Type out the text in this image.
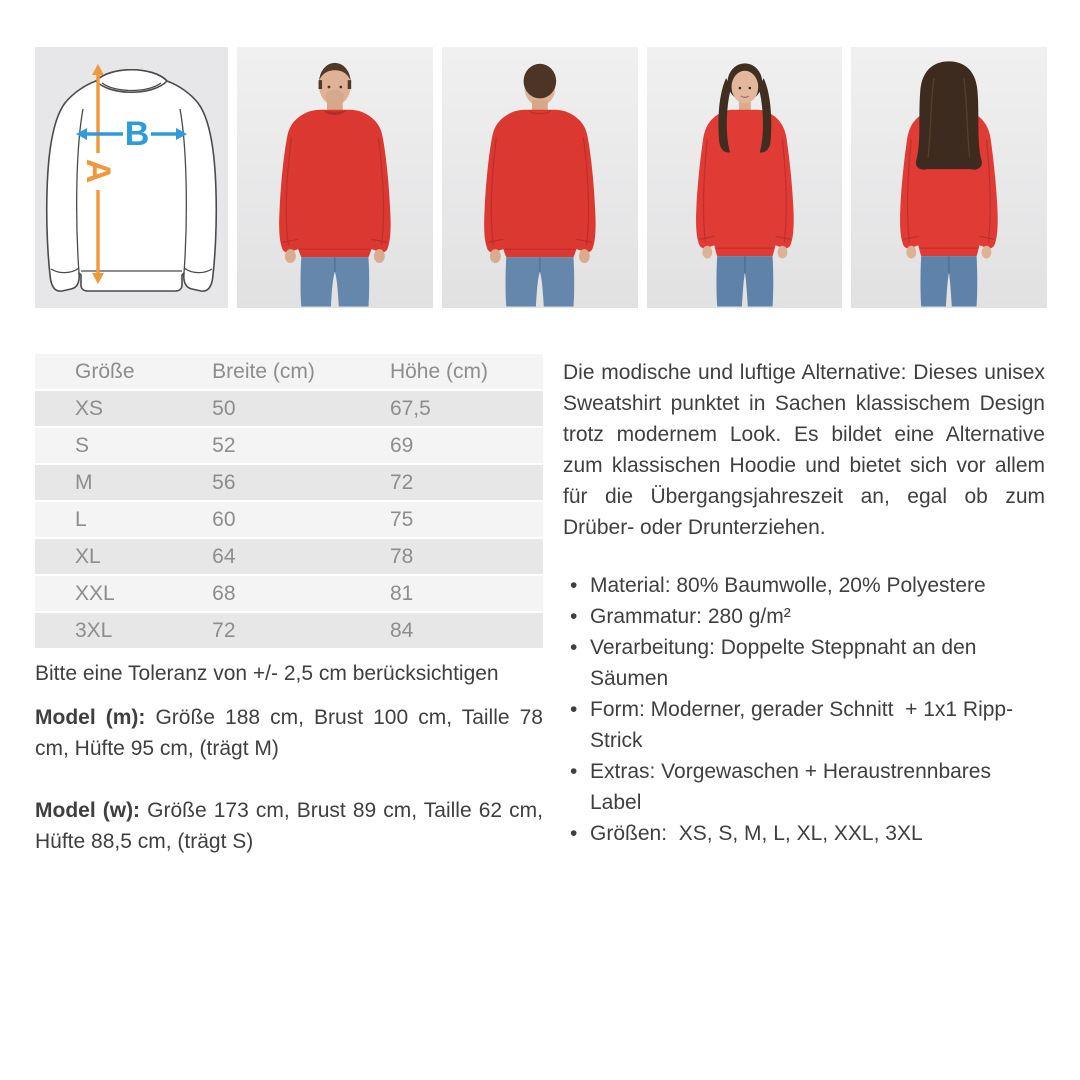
A
B
Größe	Breite (cm)	Höhe (cm)
XS	50	67,5
S	52	69
M	56	72
L	60	75
XL	64	78
XXL	68	81
3XL	72	84

Bitte eine Toleranz von +/- 2,5 cm berücksichtigen

Model (m): Größe 188 cm, Brust 100 cm, Taille 78 cm, Hüfte 95 cm, (trägt M)

Model (w): Größe 173 cm, Brust 89 cm, Taille 62 cm, Hüfte 88,5 cm, (trägt S)

Die modische und luftige Alternative: Dieses unisex Sweatshirt punktet in Sachen klassischem Design trotz modernem Look. Es bildet eine Alternative zum klassischen Hoodie und bietet sich vor allem für die Übergangsjahreszeit an, egal ob zum Drüber- oder Drunterziehen.

• Material: 80% Baumwolle, 20% Polyestere
• Grammatur: 280 g/m²
• Verarbeitung: Doppelte Steppnaht an den Säumen
• Form: Moderner, gerader Schnitt  + 1x1 Ripp-Strick
• Extras: Vorgewaschen + Heraustrennbares Label
• Größen:  XS, S, M, L, XL, XXL, 3XL
